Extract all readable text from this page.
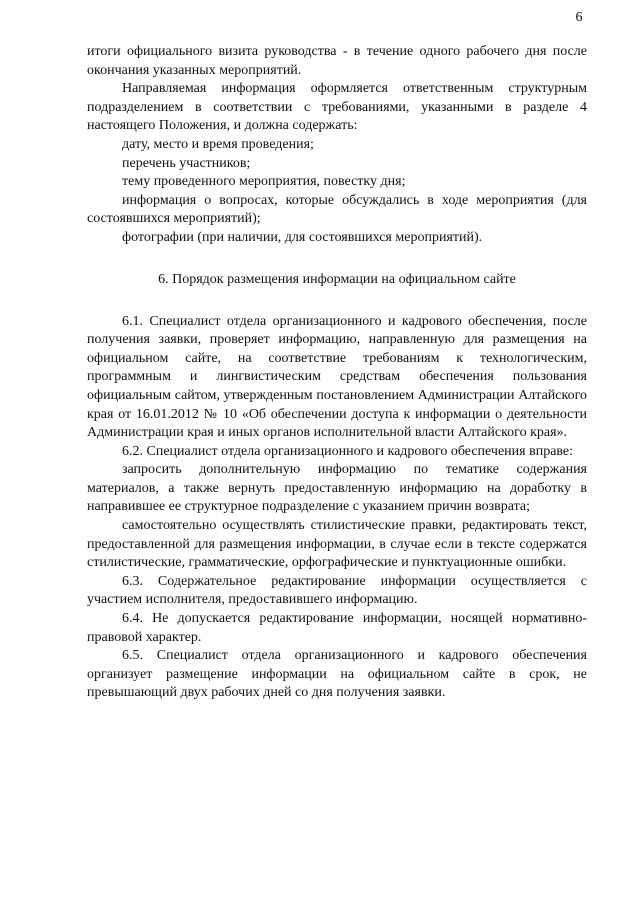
6

итоги официального визита руководства - в течение одного рабочего дня после окончания указанных мероприятий.

Направляемая информация оформляется ответственным структурным подразделением в соответствии с требованиями, указанными в разделе 4 настоящего Положения, и должна содержать:

дату, место и время проведения;

перечень участников;

тему проведенного мероприятия, повестку дня;

информация о вопросах, которые обсуждались в ходе мероприятия (для состоявшихся мероприятий);

фотографии (при наличии, для состоявшихся мероприятий).

6. Порядок размещения информации на официальном сайте

6.1. Специалист отдела организационного и кадрового обеспечения, после получения заявки, проверяет информацию, направленную для размещения на официальном сайте, на соответствие требованиям к технологическим, программным и лингвистическим средствам обеспечения пользования официальным сайтом, утвержденным постановлением Администрации Алтайского края от 16.01.2012 № 10 «Об обеспечении доступа к информации о деятельности Администрации края и иных органов исполнительной власти Алтайского края».

6.2. Специалист отдела организационного и кадрового обеспечения вправе:

запросить дополнительную информацию по тематике содержания материалов, а также вернуть предоставленную информацию на доработку в направившее ее структурное подразделение с указанием причин возврата;

самостоятельно осуществлять стилистические правки, редактировать текст, предоставленной для размещения информации, в случае если в тексте содержатся стилистические, грамматические, орфографические и пунктуационные ошибки.

6.3. Содержательное редактирование информации осуществляется с участием исполнителя, предоставившего информацию.

6.4. Не допускается редактирование информации, носящей нормативно-правовой характер.

6.5. Специалист отдела организационного и кадрового обеспечения организует размещение информации на официальном сайте в срок, не превышающий двух рабочих дней со дня получения заявки.
